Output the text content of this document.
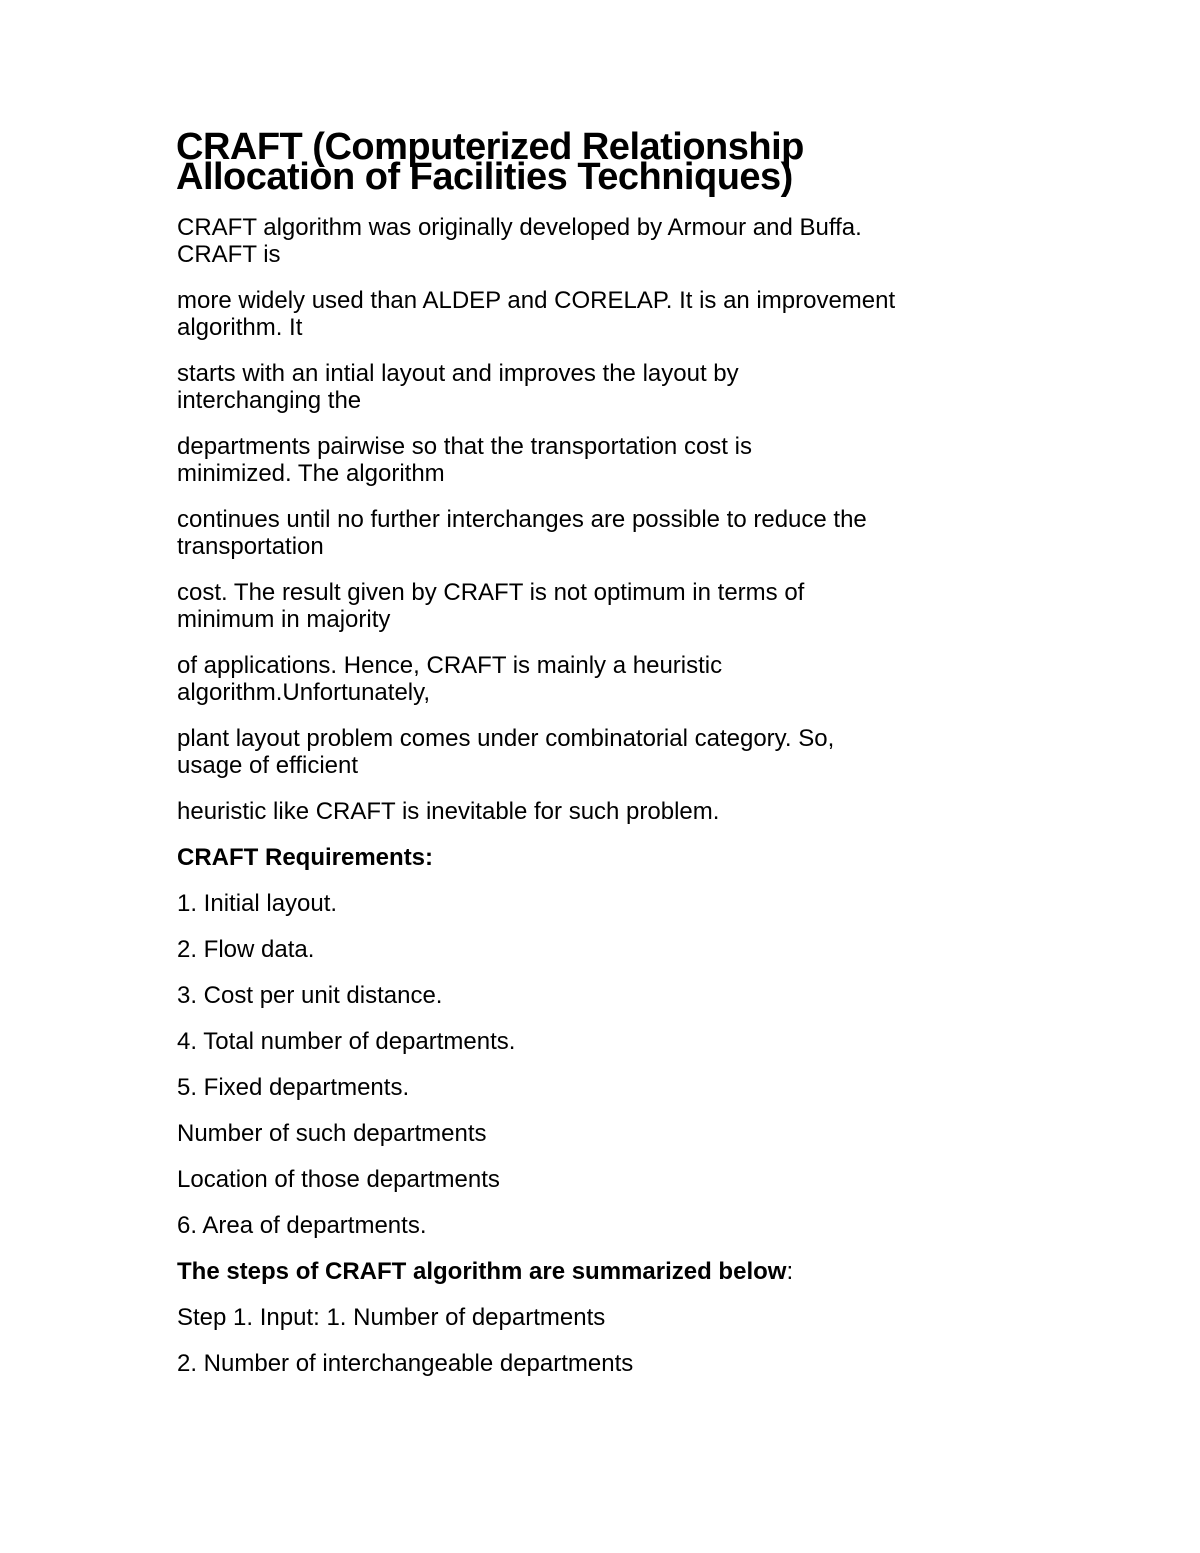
CRAFT (Computerized Relationship
Allocation of Facilities Techniques)

CRAFT algorithm was originally developed by Armour and Buffa.
CRAFT is

more widely used than ALDEP and CORELAP. It is an improvement
algorithm. It

starts with an intial layout and improves the layout by
interchanging the

departments pairwise so that the transportation cost is
minimized. The algorithm

continues until no further interchanges are possible to reduce the
transportation

cost. The result given by CRAFT is not optimum in terms of
minimum in majority

of applications. Hence, CRAFT is mainly a heuristic
algorithm.Unfortunately,

plant layout problem comes under combinatorial category. So,
usage of efficient

heuristic like CRAFT is inevitable for such problem.

CRAFT Requirements:

1. Initial layout.

2. Flow data.

3. Cost per unit distance.

4. Total number of departments.

5. Fixed departments.

Number of such departments

Location of those departments

6. Area of departments.

The steps of CRAFT algorithm are summarized below:

Step 1. Input: 1. Number of departments

2. Number of interchangeable departments
